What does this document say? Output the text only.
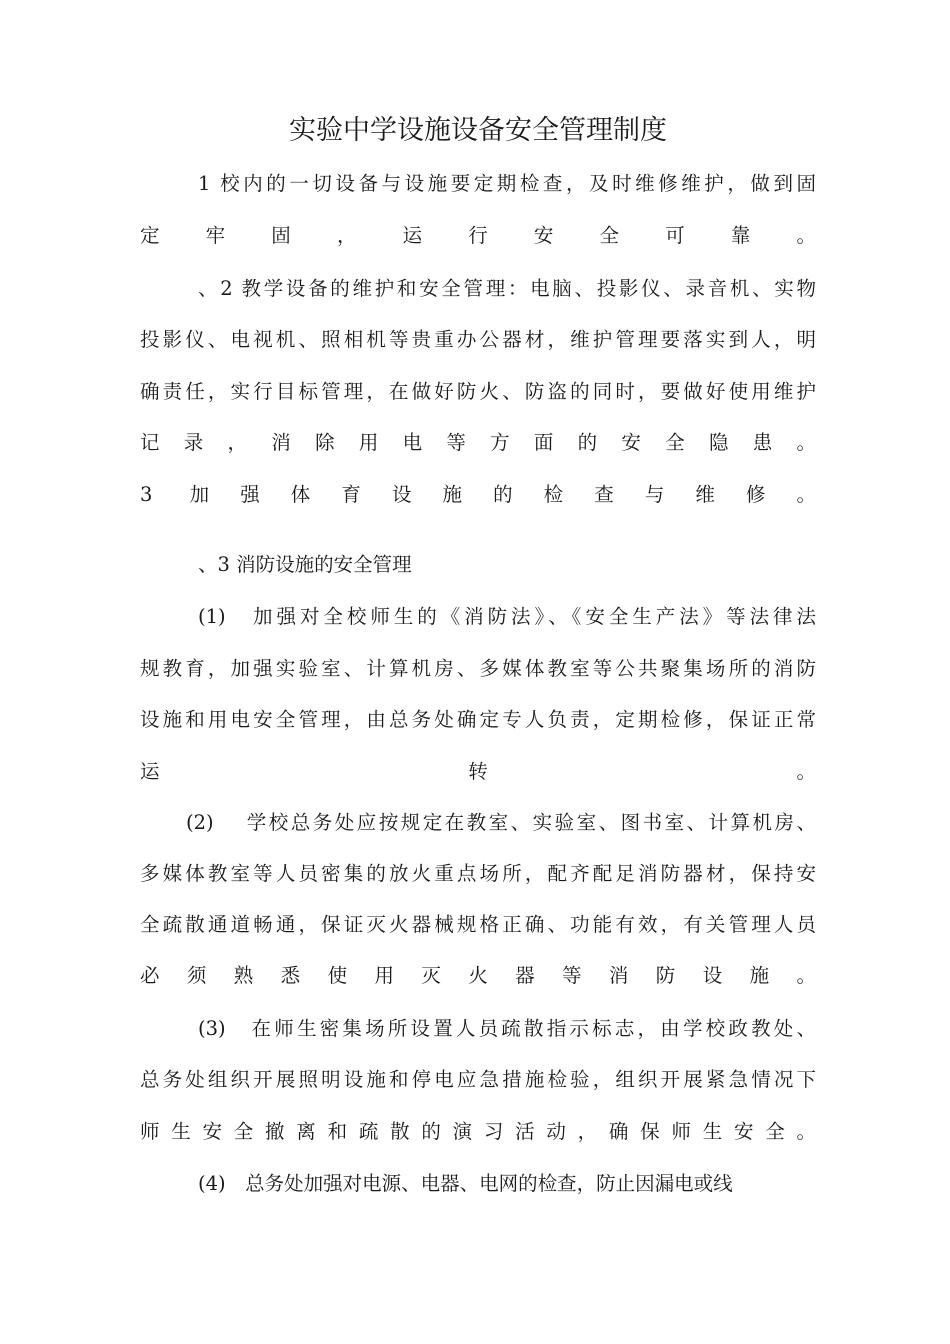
实验中学设施设备安全管理制度
1 校内的一切设备与设施要定期检查，及时维修维护，做到固
定牢固，运行安全可靠。
、2 教学设备的维护和安全管理：电脑、投影仪、录音机、实物
投影仪、电视机、照相机等贵重办公器材，维护管理要落实到人，明
确责任，实行目标管理，在做好防火、防盗的同时，要做好使用维护
记录，消除用电等方面的安全隐患。
3 加强体育设施的检查与维修。
、3 消防设施的安全管理
(1)　加强对全校师生的《消防法》、《安全生产法》等法律法
规教育，加强实验室、计算机房、多媒体教室等公共聚集场所的消防
设施和用电安全管理，由总务处确定专人负责，定期检修，保证正常
运转。
(2)　 学校总务处应按规定在教室、实验室、图书室、计算机房、
多媒体教室等人员密集的放火重点场所，配齐配足消防器材，保持安
全疏散通道畅通，保证灭火器械规格正确、功能有效，有关管理人员
必须熟悉使用灭火器等消防设施。
(3)　在师生密集场所设置人员疏散指示标志，由学校政教处、
总务处组织开展照明设施和停电应急措施检验，组织开展紧急情况下
师生安全撤离和疏散的演习活动，确保师生安全。
(4)　总务处加强对电源、电器、电网的检查，防止因漏电或线
